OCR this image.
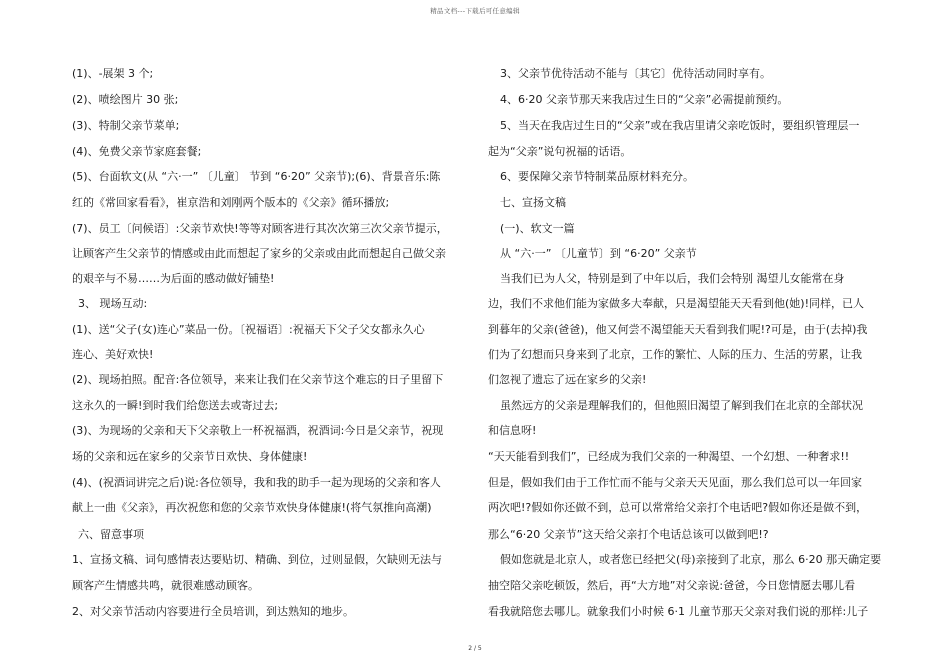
精品文档---下载后可任意编辑
(1)、-展架 3 个;
(2)、喷绘图片 30 张;
(3)、特制父亲节菜单;
(4)、免费父亲节家庭套餐;
(5)、台面软文(从 “六·一” 〔儿童〕 节到 “6·20” 父亲节);(6)、背景音乐:陈
红的《常回家看看》，崔京浩和刘刚两个版本的《父亲》循环播放;
(7)、员工〔问候语〕:父亲节欢快!等等对顾客进行其次次第三次父亲节提示，
让顾客产生父亲节的情感或由此而想起了家乡的父亲或由此而想起自己做父亲
的艰辛与不易……为后面的感动做好铺垫!
3、 现场互动:
(1)、送“父子(女)连心”菜品一份。〔祝福语〕:祝福天下父子父女都永久心
连心、美好欢快!
(2)、现场拍照。配音:各位领导，来来让我们在父亲节这个难忘的日子里留下
这永久的一瞬!到时我们给您送去或寄过去;
(3)、为现场的父亲和天下父亲敬上一杯祝福酒，祝酒词:今日是父亲节，祝现
场的父亲和远在家乡的父亲节日欢快、身体健康!
(4)、(祝酒词讲完之后)说:各位领导，我和我的助手一起为现场的父亲和客人
献上一曲《父亲》，再次祝您和您的父亲节欢快身体健康!(将气氛推向高潮)
六、留意事项
1、宣扬文稿、词句感情表达要贴切、精确、到位，过则显假，欠缺则无法与
顾客产生情感共鸣，就很难感动顾客。
2、对父亲节活动内容要进行全员培训，到达熟知的地步。
3、父亲节优待活动不能与〔其它〕优待活动同时享有。
4、6·20 父亲节那天来我店过生日的“父亲”必需提前预约。
5、当天在我店过生日的“父亲”或在我店里请父亲吃饭时，要组织管理层一
起为“父亲”说句祝福的话语。
6、要保障父亲节特制菜品原材料充分。
七、宣扬文稿
(一)、软文一篇
从 “六·一” 〔儿童节〕到 “6·20” 父亲节
当我们已为人父，特别是到了中年以后，我们会特别 渴望儿女能常在身
边，我们不求他们能为家做多大奉献，只是渴望能天天看到他(她)!同样，已人
到暮年的父亲(爸爸)，他又何尝不渴望能天天看到我们呢!?可是，由于(去掉)我
们为了幻想而只身来到了北京，工作的繁忙、人际的压力、生活的劳累，让我
们忽视了遗忘了远在家乡的父亲!
虽然远方的父亲是理解我们的，但他照旧渴望了解到我们在北京的全部状况
和信息呀!
“天天能看到我们”，已经成为我们父亲的一种渴望、一个幻想、一种奢求!!
但是，假如我们由于工作忙而不能与父亲天天见面，那么我们总可以一年回家
两次吧!?假如你还做不到，总可以常常给父亲打个电话吧?假如你还是做不到，
那么“6·20 父亲节”这天给父亲打个电话总该可以做到吧!?
假如您就是北京人，或者您已经把父(母)亲接到了北京，那么 6·20 那天确定要
抽空陪父亲吃顿饭，然后，再“大方地”对父亲说:爸爸，今日您情愿去哪儿看
看我就陪您去哪儿。就象我们小时候 6·1 儿童节那天父亲对我们说的那样:儿子
2 / 5
